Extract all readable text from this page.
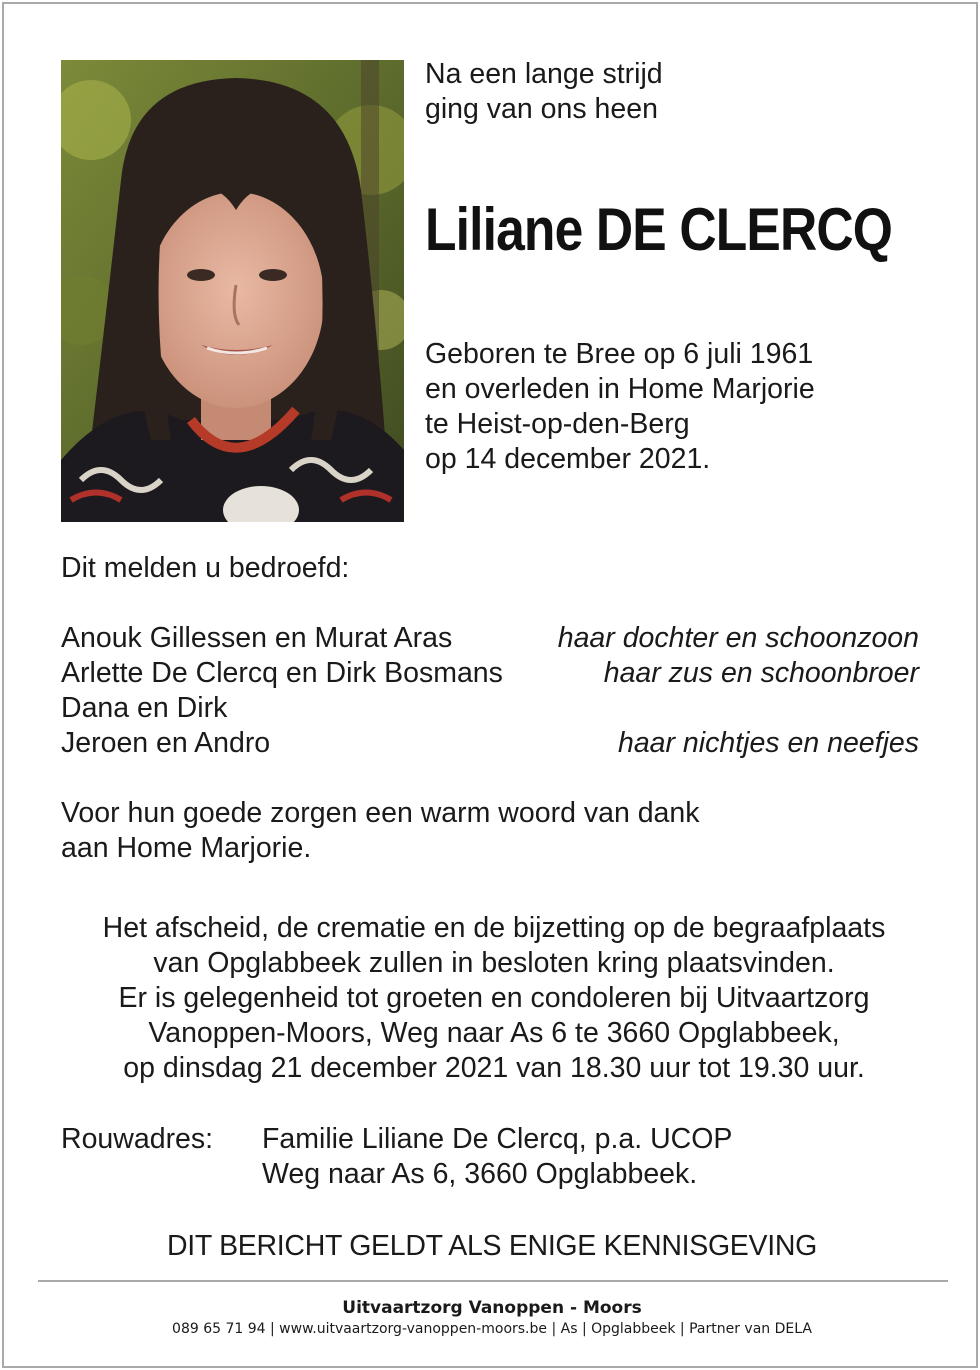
Na een lange strijd
ging van ons heen
Liliane DE CLERCQ
Geboren te Bree op 6 juli 1961
en overleden in Home Marjorie
te Heist-op-den-Berg
op 14 december 2021.
Dit melden u bedroefd:
Anouk Gillessen en Murat Aras	haar dochter en schoonzoon
Arlette De Clercq en Dirk Bosmans	haar zus en schoonbroer
Dana en Dirk
Jeroen en Andro	haar nichtjes en neefjes
Voor hun goede zorgen een warm woord van dank
aan Home Marjorie.
Het afscheid, de crematie en de bijzetting op de begraafplaats
van Opglabbeek zullen in besloten kring plaatsvinden.
Er is gelegenheid tot groeten en condoleren bij Uitvaartzorg
Vanoppen-Moors, Weg naar As 6 te 3660 Opglabbeek,
op dinsdag 21 december 2021 van 18.30 uur tot 19.30 uur.
Rouwadres: Familie Liliane De Clercq, p.a. UCOP
Weg naar As 6, 3660 Opglabbeek.
DIT BERICHT GELDT ALS ENIGE KENNISGEVING
Uitvaartzorg Vanoppen - Moors
089 65 71 94 | www.uitvaartzorg-vanoppen-moors.be | As | Opglabbeek | Partner van DELA
